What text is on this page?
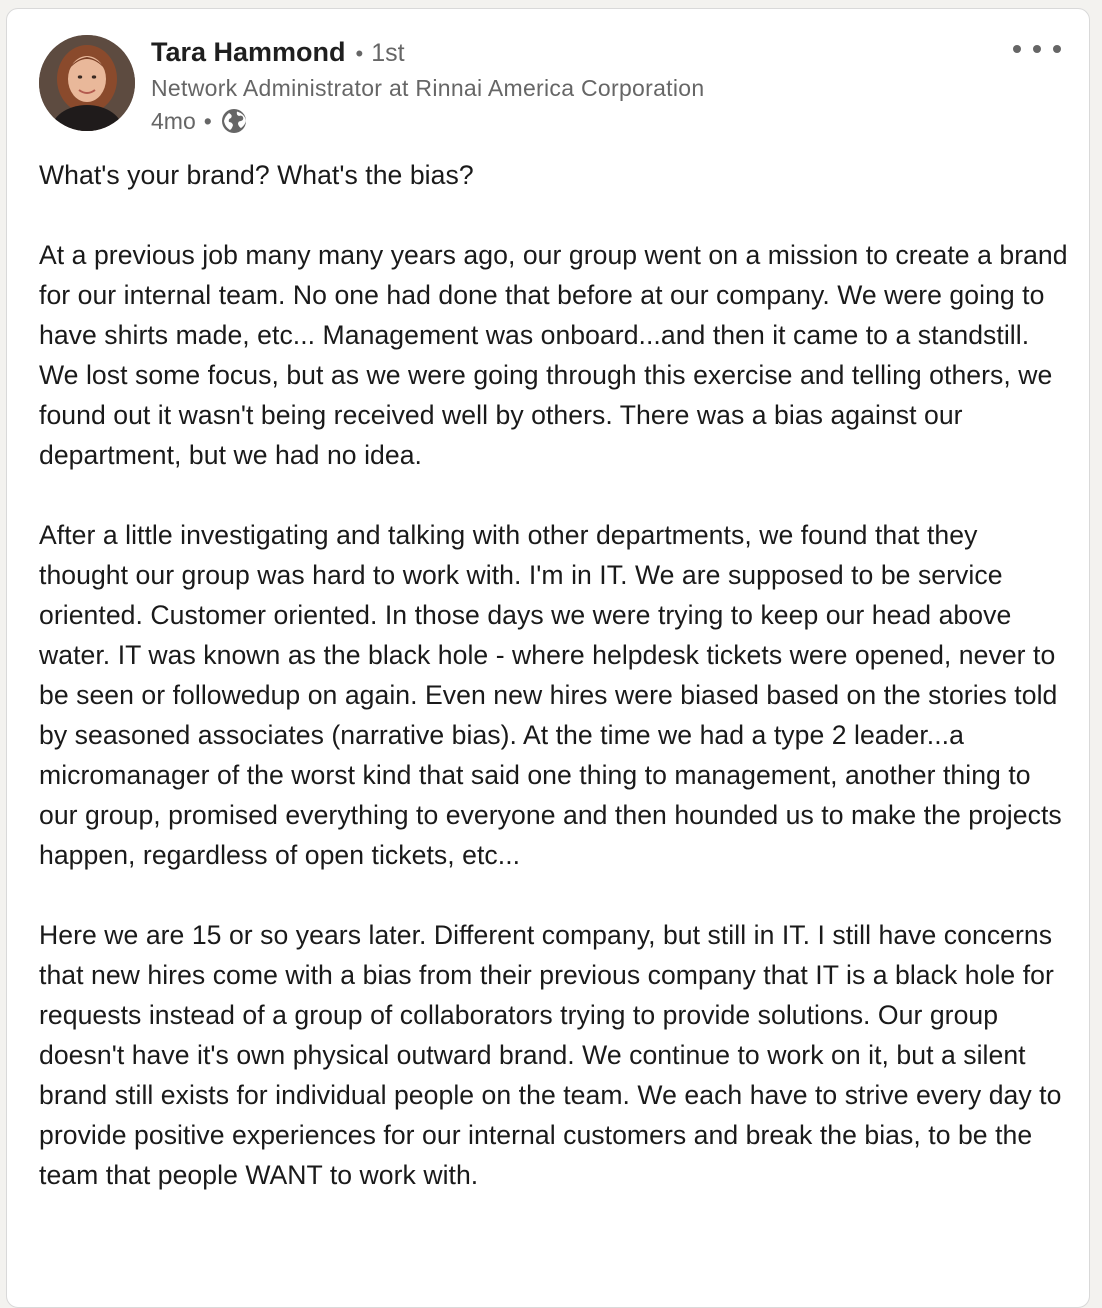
Tara Hammond • 1st
Network Administrator at Rinnai America Corporation
4mo •

What's your brand? What's the bias?

At a previous job many many years ago, our group went on a mission to create a brand for our internal team. No one had done that before at our company. We were going to have shirts made, etc... Management was onboard...and then it came to a standstill. We lost some focus, but as we were going through this exercise and telling others, we found out it wasn't being received well by others. There was a bias against our department, but we had no idea.

After a little investigating and talking with other departments, we found that they thought our group was hard to work with. I'm in IT. We are supposed to be service oriented. Customer oriented. In those days we were trying to keep our head above water. IT was known as the black hole - where helpdesk tickets were opened, never to be seen or followedup on again. Even new hires were biased based on the stories told by seasoned associates (narrative bias). At the time we had a type 2 leader...a micromanager of the worst kind that said one thing to management, another thing to our group, promised everything to everyone and then hounded us to make the projects happen, regardless of open tickets, etc...

Here we are 15 or so years later. Different company, but still in IT. I still have concerns that new hires come with a bias from their previous company that IT is a black hole for requests instead of a group of collaborators trying to provide solutions. Our group doesn't have it's own physical outward brand. We continue to work on it, but a silent brand still exists for individual people on the team. We each have to strive every day to provide positive experiences for our internal customers and break the bias, to be the team that people WANT to work with.
